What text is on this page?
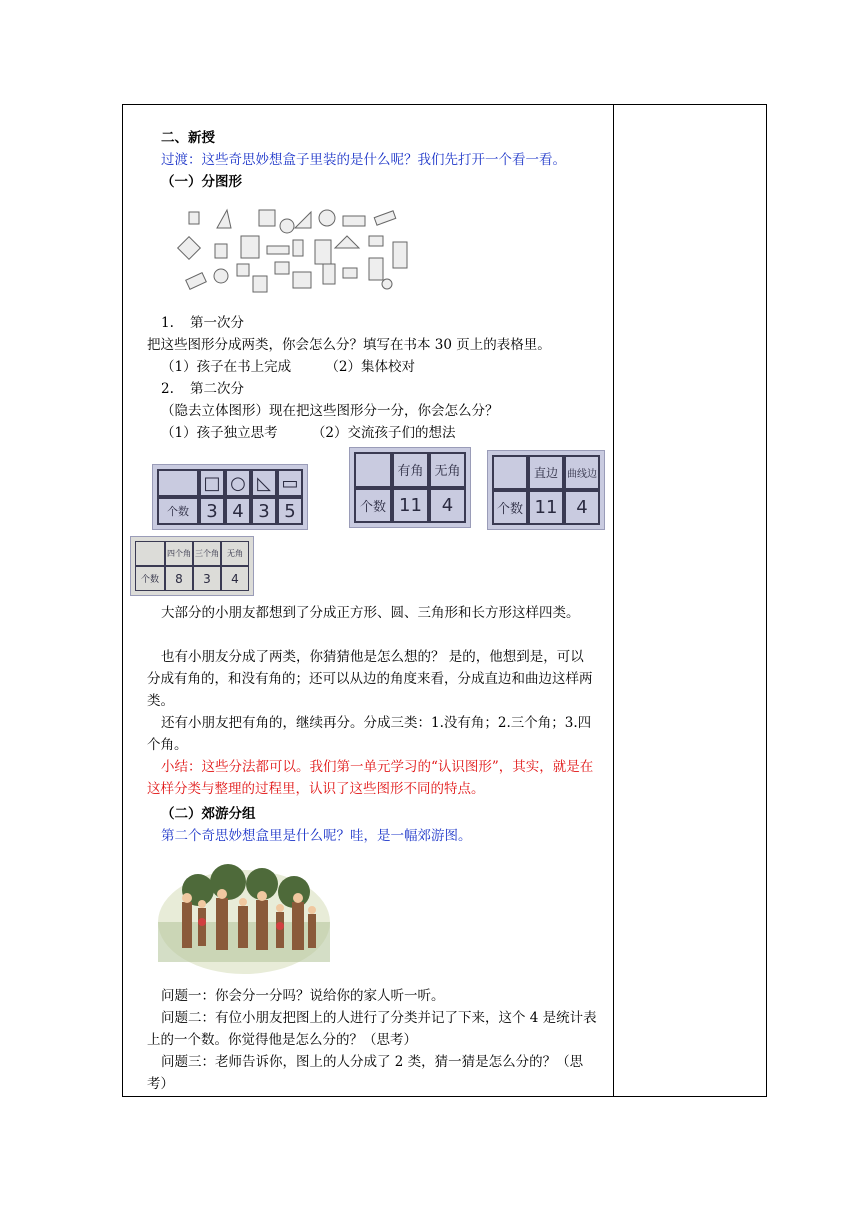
二、新授
过渡：这些奇思妙想盒子里装的是什么呢？我们先打开一个看一看。
（一）分图形
1. 第一次分
把这些图形分成两类，你会怎么分？填写在书本 30 页上的表格里。
（1）孩子在书上完成        （2）集体校对
2. 第二次分
（隐去立体图形）现在把这些图形分一分，你会怎么分？
（1）孩子独立思考        （2）交流孩子们的想法
□ ○ ◺ ▭
个数 3 4 3 5
有角 无角
个数 11	4
直边 曲线边
个数 11	4
四个角 三个角	无角
个数	8	3	4
大部分的小朋友都想到了分成正方形、圆、三角形和长方形这样四类。
也有小朋友分成了两类，你猜猜他是怎么想的？ 是的，他想到是，可以分成有角的，和没有角的；还可以从边的角度来看，分成直边和曲边这样两类。
还有小朋友把有角的，继续再分。分成三类：1.没有角；2.三个角；3.四个角。
小结：这些分法都可以。我们第一单元学习的“认识图形”，其实，就是在这样分类与整理的过程里，认识了这些图形不同的特点。
（二）郊游分组
第二个奇思妙想盒里是什么呢？哇，是一幅郊游图。
问题一：你会分一分吗？说给你的家人听一听。
问题二：有位小朋友把图上的人进行了分类并记了下来，这个 4 是统计表上的一个数。你觉得他是怎么分的？（思考）
问题三：老师告诉你，图上的人分成了 2 类，猜一猜是怎么分的？（思考）
